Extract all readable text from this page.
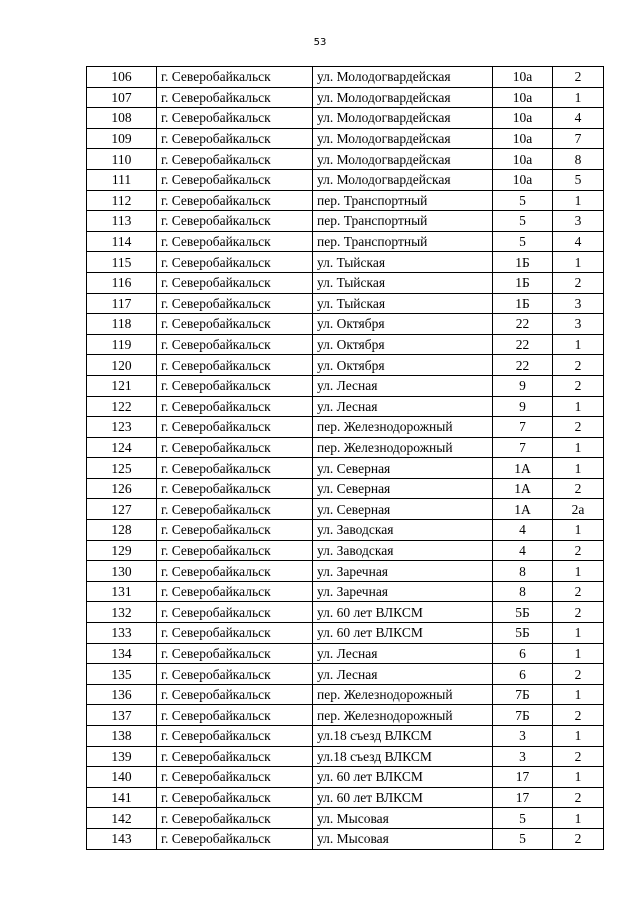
53
106	г. Северобайкальск	ул. Молодогвардейская	10а	2
107	г. Северобайкальск	ул. Молодогвардейская	10а	1
108	г. Северобайкальск	ул. Молодогвардейская	10а	4
109	г. Северобайкальск	ул. Молодогвардейская	10а	7
110	г. Северобайкальск	ул. Молодогвардейская	10а	8
111	г. Северобайкальск	ул. Молодогвардейская	10а	5
112	г. Северобайкальск	пер. Транспортный	5	1
113	г. Северобайкальск	пер. Транспортный	5	3
114	г. Северобайкальск	пер. Транспортный	5	4
115	г. Северобайкальск	ул. Тыйская	1Б	1
116	г. Северобайкальск	ул. Тыйская	1Б	2
117	г. Северобайкальск	ул. Тыйская	1Б	3
118	г. Северобайкальск	ул. Октября	22	3
119	г. Северобайкальск	ул. Октября	22	1
120	г. Северобайкальск	ул. Октября	22	2
121	г. Северобайкальск	ул. Лесная	9	2
122	г. Северобайкальск	ул. Лесная	9	1
123	г. Северобайкальск	пер. Железнодорожный	7	2
124	г. Северобайкальск	пер. Железнодорожный	7	1
125	г. Северобайкальск	ул. Северная	1А	1
126	г. Северобайкальск	ул. Северная	1А	2
127	г. Северобайкальск	ул. Северная	1А	2а
128	г. Северобайкальск	ул. Заводская	4	1
129	г. Северобайкальск	ул. Заводская	4	2
130	г. Северобайкальск	ул. Заречная	8	1
131	г. Северобайкальск	ул. Заречная	8	2
132	г. Северобайкальск	ул. 60 лет ВЛКСМ	5Б	2
133	г. Северобайкальск	ул. 60 лет ВЛКСМ	5Б	1
134	г. Северобайкальск	ул. Лесная	6	1
135	г. Северобайкальск	ул. Лесная	6	2
136	г. Северобайкальск	пер. Железнодорожный	7Б	1
137	г. Северобайкальск	пер. Железнодорожный	7Б	2
138	г. Северобайкальск	ул.18 съезд ВЛКСМ	3	1
139	г. Северобайкальск	ул.18 съезд ВЛКСМ	3	2
140	г. Северобайкальск	ул. 60 лет ВЛКСМ	17	1
141	г. Северобайкальск	ул. 60 лет ВЛКСМ	17	2
142	г. Северобайкальск	ул. Мысовая	5	1
143	г. Северобайкальск	ул. Мысовая	5	2
